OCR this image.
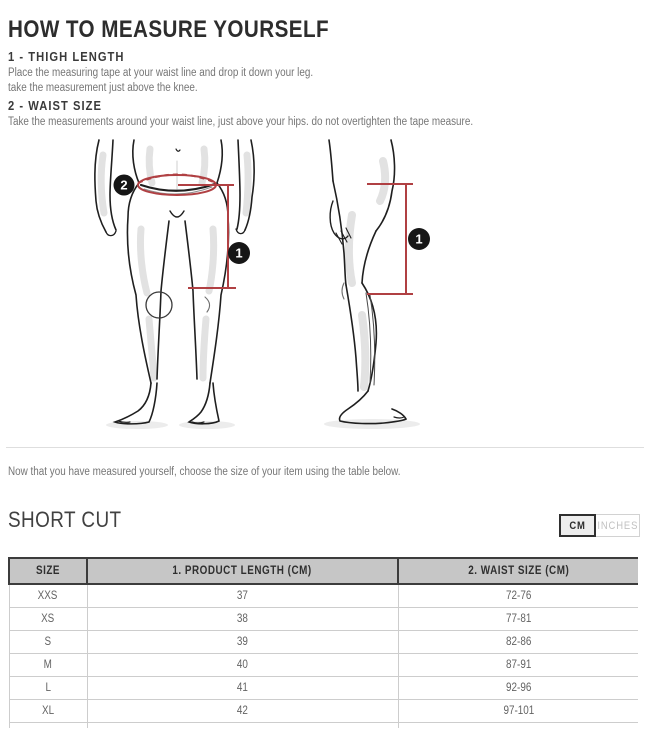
HOW TO MEASURE YOURSELF
1 - THIGH LENGTH
Place the measuring tape at your waist line and drop it down your leg.
take the measurement just above the knee.
2 - WAIST SIZE
Take the measurements around your waist line, just above your hips. do not overtighten the tape measure.
2
1
1
Now that you have measured yourself, choose the size of your item using the table below.
SHORT CUT	CM INCHES
SIZE	1. PRODUCT LENGTH (CM)	2. WAIST SIZE (CM)
XXS	37	72-76
XS	38	77-81
S	39	82-86
M	40	87-91
L	41	92-96
XL	42	97-101
